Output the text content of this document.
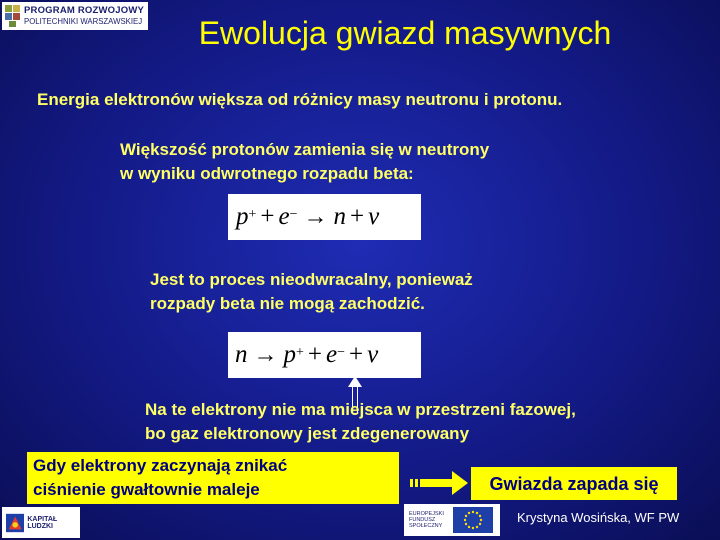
PROGRAM ROZWOJOWY
POLITECHNIKI WARSZAWSKIEJ	Ewolucja gwiazd masywnych
Energia elektronów większa od różnicy masy neutronu i protonu.
Większość protonów zamienia się w neutrony
w wyniku odwrotnego rozpadu beta:
p+ + e− → n + v
Jest to proces nieodwracalny, ponieważ
rozpady beta nie mogą zachodzić.
n → p+ + e− + v
Na te elektrony nie ma miejsca w przestrzeni fazowej,
bo gaz elektronowy jest zdegenerowany
Gdy elektrony zaczynają znikać
ciśnienie gwałtownie maleje	Gwiazda zapada się
KAPITAŁ LUDZKI
EUROPEJSKI FUNDUSZ SPOŁECZNY
Krystyna Wosińska, WF PW
